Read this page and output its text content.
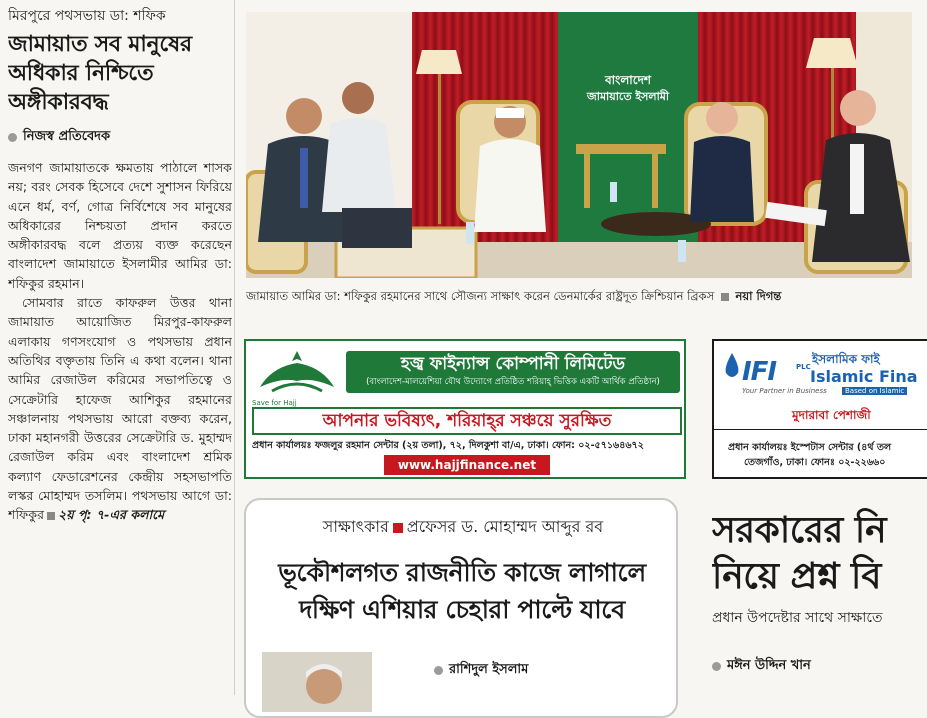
মিরপুরে পথসভায় ডা: শফিক
জামায়াত সব মানুষের অধিকার নিশ্চিতে অঙ্গীকারবদ্ধ
নিজস্ব প্রতিবেদক

জনগণ জামায়াতকে ক্ষমতায় পাঠালে শাসক নয়; বরং সেবক হিসেবে দেশে সুশাসন ফিরিয়ে এনে ধর্ম, বর্ণ, গোত্র নির্বিশেষে সব মানুষের অধিকারের নিশ্চয়তা প্রদান করতে অঙ্গীকারবদ্ধ বলে প্রত্যয় ব্যক্ত করেছেন বাংলাদেশ জামায়াতে ইসলামীর আমির ডা: শফিকুর রহমান।

সোমবার রাতে কাফরুল উত্তর থানা জামায়াত আয়োজিত মিরপুর-কাফরুল এলাকায় গণসংযোগ ও পথসভায় প্রধান অতিথির বক্তৃতায় তিনি এ কথা বলেন। থানা আমির রেজাউল করিমের সভাপতিত্বে ও সেক্রেটারি হাফেজ আশিকুর রহমানের সঞ্চালনায় পথসভায় আরো বক্তব্য করেন, ঢাকা মহানগরী উত্তরের সেক্রেটারি ড. মুহাম্মদ রেজাউল করিম এবং বাংলাদেশ শ্রমিক কল্যাণ ফেডারেশনের কেন্দ্রীয় সহসভাপতি লস্কর মোহাম্মদ তসলিম। পথসভায় আগে ডা: শফিকুর ২য় পৃ: ৭-এর কলামে

বাংলাদেশ
জামায়াতে ইসলামী
জামায়াত আমির ডা: শফিকুর রহমানের সাথে সৌজন্য সাক্ষাৎ করেন ডেনমার্কের রাষ্ট্রদূত ক্রিশ্চিয়ান ব্রিকস নয়া দিগন্ত
Save for Hajj
হজ্ব ফাইন্যান্স কোম্পানী লিমিটেড
(বাংলাদেশ-মালয়েশিয়া যৌথ উদ্যোগে প্রতিষ্ঠিত শরিয়াহ্ ভিত্তিক একটি আর্থিক প্রতিষ্ঠান)
আপনার ভবিষ্যৎ, শরিয়াহ্‌র সঞ্চয়ে সুরক্ষিত
প্রধান কার্যালয়ঃ ফজলুর রহমান সেন্টার (২য় তলা), ৭২, দিলকুশা বা/এ, ঢাকা। ফোন: ০২-৫৭১৬৪৬৭২
www.hajjfinance.net
IFI	PLC
ইসলামিক ফাই
Islamic Fina
Your Partner in Business	Based on Islamic
মুদারাবা পেশাজী
প্রধান কার্যালয়ঃ ইস্পেটাস সেন্টার (৪র্থ তল
তেজগাঁও, ঢাকা। ফোনঃ ০২-২২৬৬০
সাক্ষাৎকার প্রফেসর ড. মোহাম্মদ আব্দুর রব
ভূকৌশলগত রাজনীতি কাজে লাগালে দক্ষিণ এশিয়ার চেহারা পাল্টে যাবে
রাশিদুল ইসলাম
সরকারের নি
নিয়ে প্রশ্ন বি
প্রধান উপদেষ্টার সাথে সাক্ষাতে
মঈন উদ্দিন খান
